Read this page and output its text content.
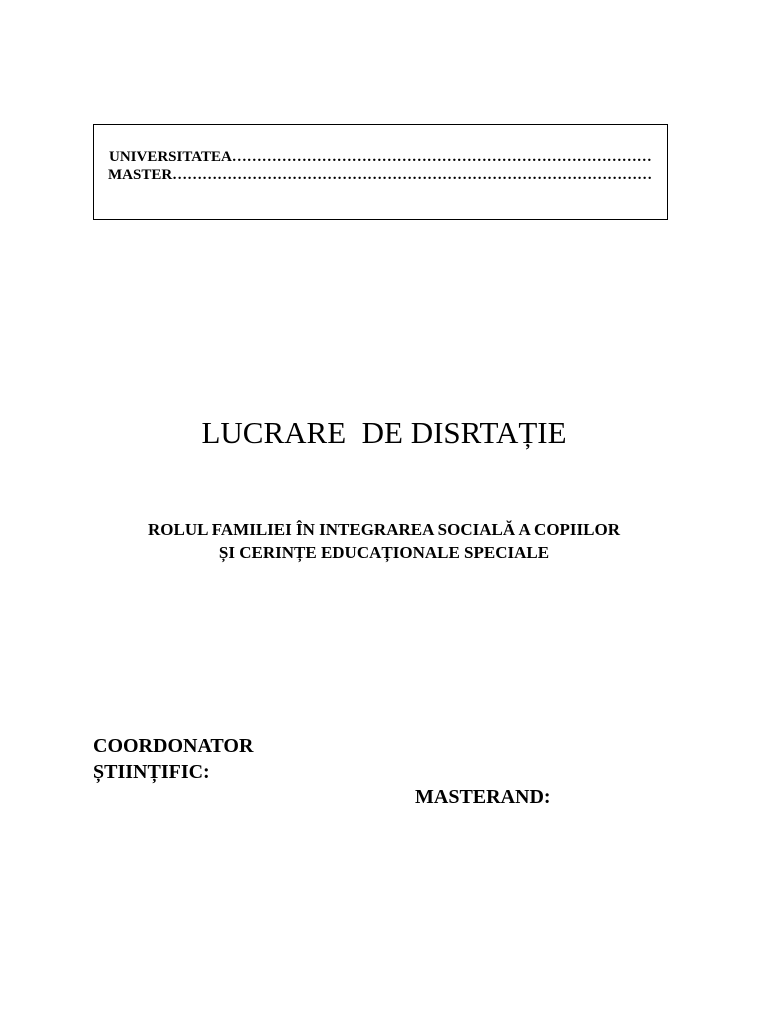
UNIVERSITATEA…………………………………………………………………………
MASTER……………………………………………………………………………………
LUCRARE  DE DISRTAȚIE
ROLUL FAMILIEI ÎN INTEGRAREA SOCIALĂ A COPIILOR
ȘI CERINȚE EDUCAȚIONALE SPECIALE
COORDONATOR
ȘTIINȚIFIC:
MASTERAND:
